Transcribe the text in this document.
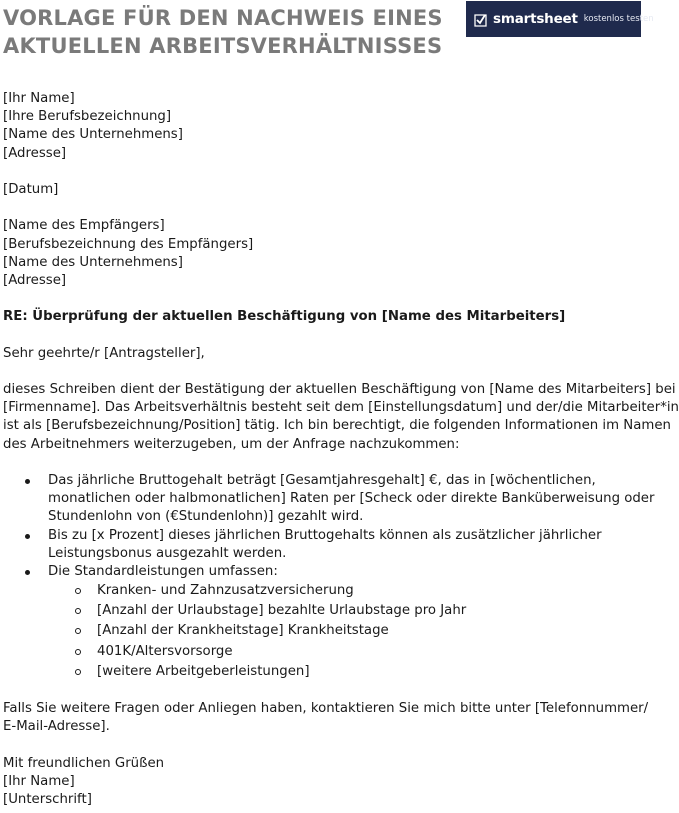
VORLAGE FÜR DEN NACHWEIS EINES
AKTUELLEN ARBEITSVERHÄLTNISSES
smartsheet kostenlos testen
[Ihr Name]
[Ihre Berufsbezeichnung]
[Name des Unternehmens]
[Adresse]
[Datum]
[Name des Empfängers]
[Berufsbezeichnung des Empfängers]
[Name des Unternehmens]
[Adresse]
RE: Überprüfung der aktuellen Beschäftigung von [Name des Mitarbeiters]
Sehr geehrte/r [Antragsteller],
dieses Schreiben dient der Bestätigung der aktuellen Beschäftigung von [Name des Mitarbeiters] bei
[Firmenname]. Das Arbeitsverhältnis besteht seit dem [Einstellungsdatum] und der/die Mitarbeiter*in
ist als [Berufsbezeichnung/Position] tätig. Ich bin berechtigt, die folgenden Informationen im Namen
des Arbeitnehmers weiterzugeben, um der Anfrage nachzukommen:
Das jährliche Bruttogehalt beträgt [Gesamtjahresgehalt] €, das in [wöchentlichen,
monatlichen oder halbmonatlichen] Raten per [Scheck oder direkte Banküberweisung oder
Stundenlohn von (€Stundenlohn)] gezahlt wird.
Bis zu [x Prozent] dieses jährlichen Bruttogehalts können als zusätzlicher jährlicher
Leistungsbonus ausgezahlt werden.
Die Standardleistungen umfassen:
Kranken- und Zahnzusatzversicherung
[Anzahl der Urlaubstage] bezahlte Urlaubstage pro Jahr
[Anzahl der Krankheitstage] Krankheitstage
401K/Altersvorsorge
[weitere Arbeitgeberleistungen]
Falls Sie weitere Fragen oder Anliegen haben, kontaktieren Sie mich bitte unter [Telefonnummer/
E-Mail-Adresse].
Mit freundlichen Grüßen
[Ihr Name]
[Unterschrift]
